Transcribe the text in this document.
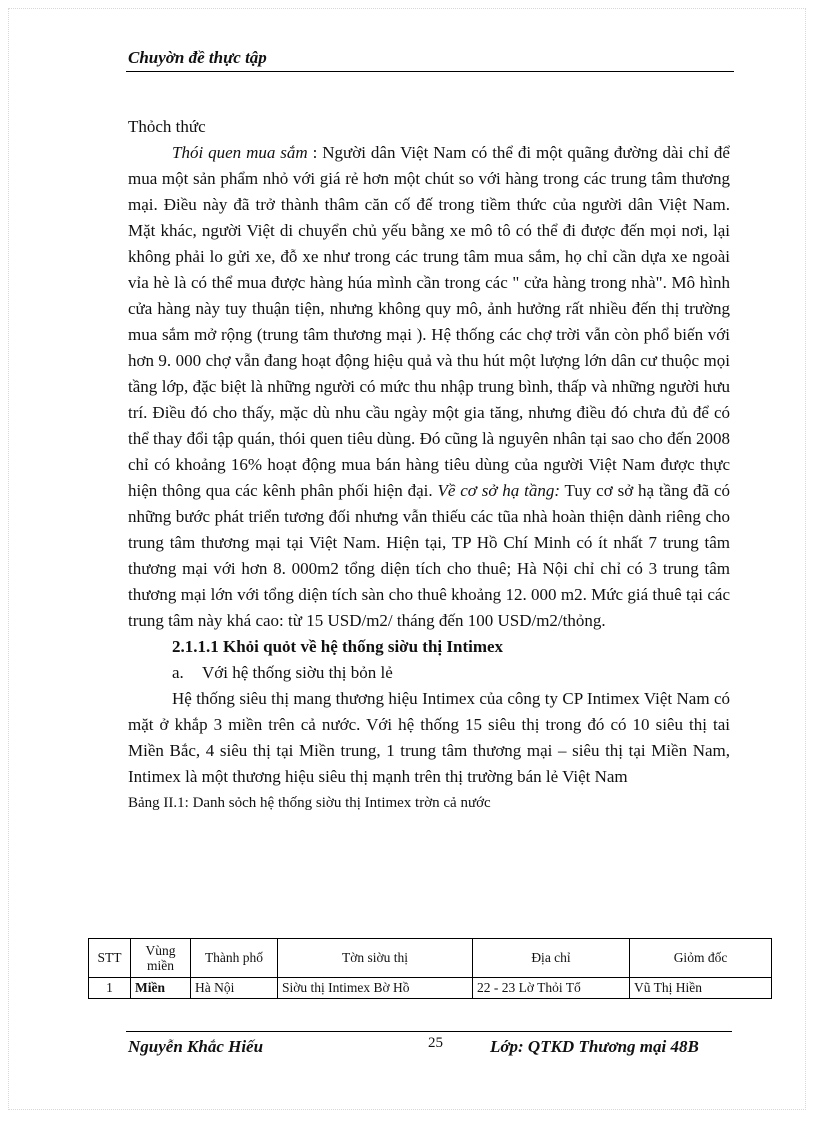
Chuyờn đề thực tập

Thỏch thức

Thói quen mua sắm : Người dân Việt Nam có thể đi một quãng đường dài chỉ để mua một sản phẩm nhỏ với giá rẻ hơn một chút so với hàng trong các trung tâm thương mại. Điều này đã trở thành thâm căn cố đế trong tiềm thức của người dân Việt Nam. Mặt khác, người Việt di chuyển chủ yếu bằng xe mô tô có thể đi được đến mọi nơi, lại không phải lo gửi xe, đỗ xe như trong các trung tâm mua sắm, họ chỉ cần dựa xe ngoài vỉa hè là có thể mua được hàng húa mình cần trong các " cửa hàng trong nhà". Mô hình cửa hàng này tuy thuận tiện, nhưng không quy mô, ảnh hưởng rất nhiều đến thị trường mua sắm mở rộng (trung tâm thương mại ). Hệ thống các chợ trời vẫn còn phổ biến với hơn 9. 000 chợ vẫn đang hoạt động hiệu quả và thu hút một lượng lớn dân cư thuộc mọi tầng lớp, đặc biệt là những người có mức thu nhập trung bình, thấp và những người hưu trí. Điều đó cho thấy, mặc dù nhu cầu ngày một gia tăng, nhưng điều đó chưa đủ để có thể thay đổi tập quán, thói quen tiêu dùng. Đó cũng là nguyên nhân tại sao cho đến 2008 chỉ có khoảng 16% hoạt động mua bán hàng tiêu dùng của người Việt Nam được thực hiện thông qua các kênh phân phối hiện đại. Về cơ sở hạ tầng: Tuy cơ sở hạ tầng đã có những bước phát triển tương đối nhưng vẫn thiếu các tũa nhà hoàn thiện dành riêng cho trung tâm thương mại tại Việt Nam. Hiện tại, TP Hồ Chí Minh có ít nhất 7 trung tâm thương mại với hơn 8. 000m2 tổng diện tích cho thuê; Hà Nội chỉ chỉ có 3 trung tâm thương mại lớn với tổng diện tích sàn cho thuê khoảng 12. 000 m2. Mức giá thuê tại các trung tâm này khá cao: từ 15 USD/m2/ tháng đến 100 USD/m2/thỏng.

2.1.1.1 Khỏi quỏt về hệ thống siờu thị Intimex

a. Với hệ thống siờu thị bỏn lẻ

Hệ thống siêu thị mang thương hiệu Intimex của công ty CP Intimex Việt Nam có mặt ở khắp 3 miền trên cả nước. Với hệ thống 15 siêu thị trong đó có 10 siêu thị tai Miền Bắc, 4 siêu thị tại Miền trung, 1 trung tâm thương mại – siêu thị tại Miền Nam, Intimex là một thương hiệu siêu thị mạnh trên thị trường bán lẻ Việt Nam

Bảng II.1: Danh sỏch hệ thống siờu thị Intimex trờn cả nước

STT	Vùng miền	Thành phố	Tờn siờu thị	Địa chỉ	Giỏm đốc
1	Miền	Hà Nội	Siờu thị Intimex Bờ Hồ	22 - 23 Lờ Thỏi Tổ	Vũ Thị Hiền
Nguyễn Khắc Hiếu	25	Lớp: QTKD Thương mại 48B
